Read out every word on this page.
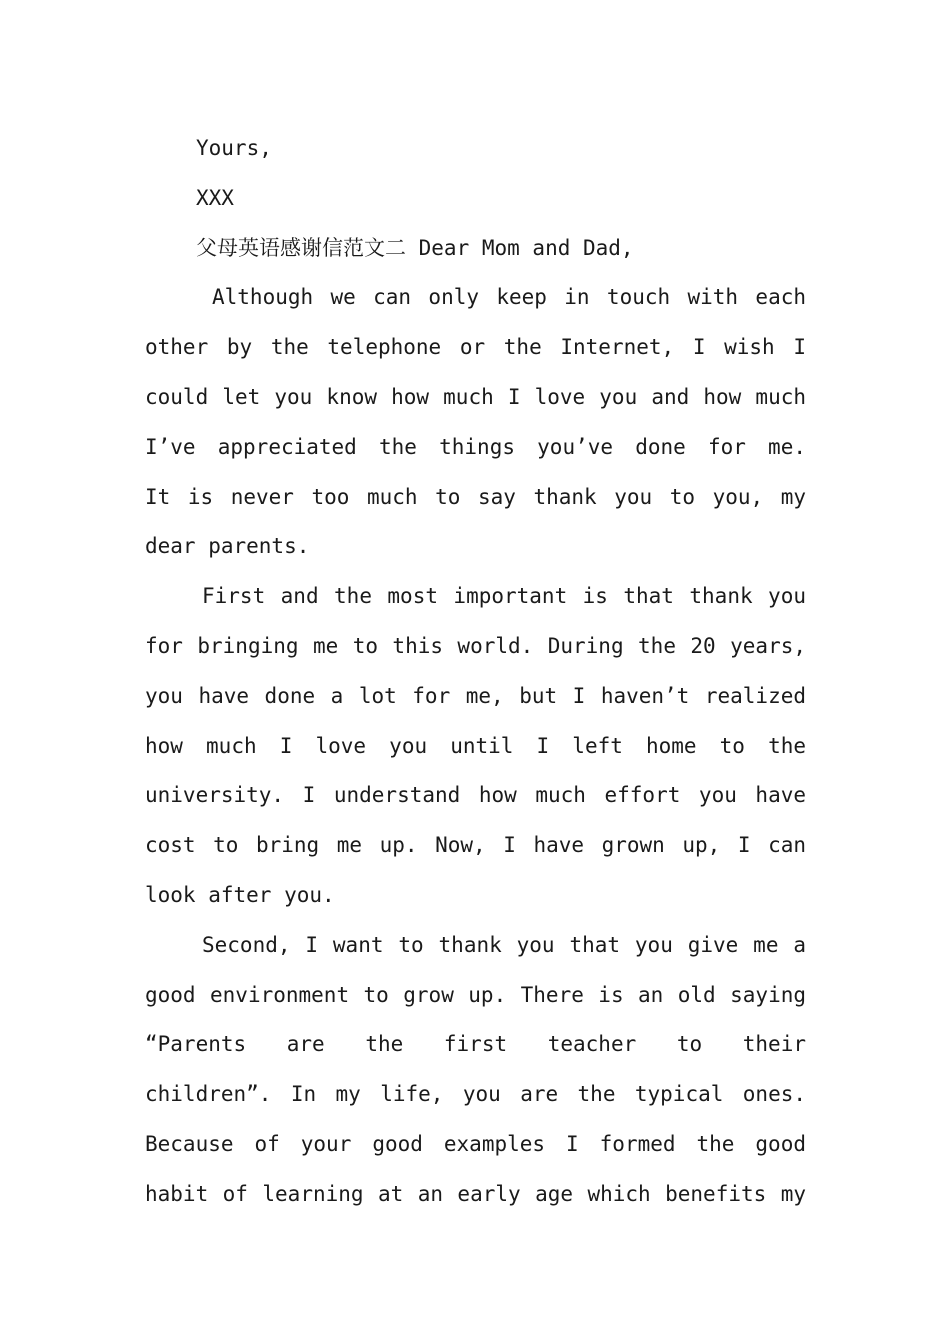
Yours,
XXX
父母英语感谢信范文二 Dear Mom and Dad,
Although we can only keep in touch with each
other by the telephone or the Internet, I wish I
could let you know how much I love you and how much
I’ve appreciated the things you’ve done for me.
It is never too much to say thank you to you, my
dear parents.
First and the most important is that thank you
for bringing me to this world. During the 20 years,
you have done a lot for me, but I haven’t realized
how much I love you until I left home to the
university. I understand how much effort you have
cost to bring me up. Now, I have grown up, I can
look after you.
Second, I want to thank you that you give me a
good environment to grow up. There is an old saying
“Parents are the first teacher to their
children”. In my life, you are the typical ones.
Because of your good examples I formed the good
habit of learning at an early age which benefits my
